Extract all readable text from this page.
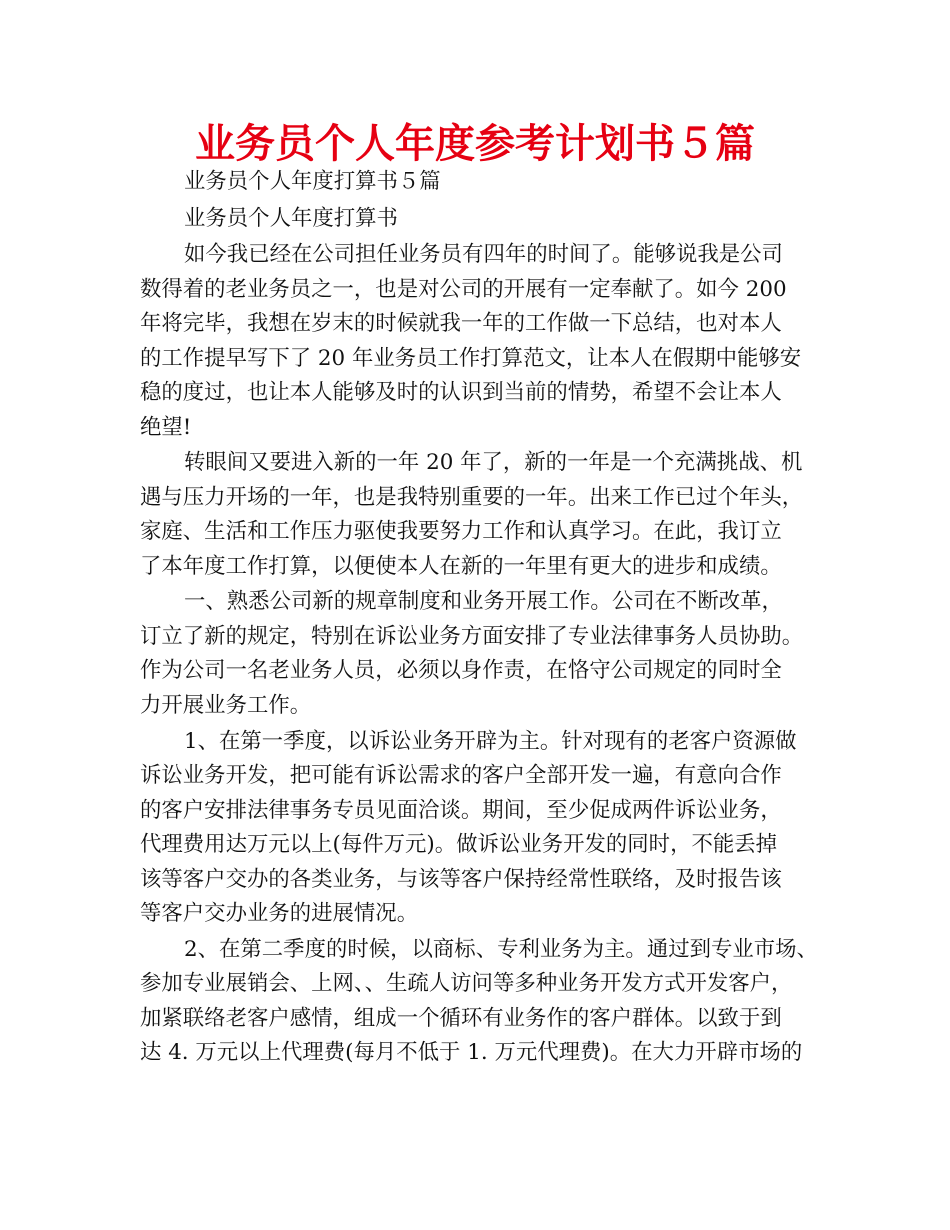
业务员个人年度参考计划书５篇
业务员个人年度打算书５篇
业务员个人年度打算书
如今我已经在公司担任业务员有四年的时间了。能够说我是公司
数得着的老业务员之一，也是对公司的开展有一定奉献了。如今 200
年将完毕，我想在岁末的时候就我一年的工作做一下总结，也对本人
的工作提早写下了 20 年业务员工作打算范文，让本人在假期中能够安
稳的度过，也让本人能够及时的认识到当前的情势，希望不会让本人
绝望!
转眼间又要进入新的一年 20 年了，新的一年是一个充满挑战、机
遇与压力开场的一年，也是我特别重要的一年。出来工作已过个年头，
家庭、生活和工作压力驱使我要努力工作和认真学习。在此，我订立
了本年度工作打算，以便使本人在新的一年里有更大的进步和成绩。
一、熟悉公司新的规章制度和业务开展工作。公司在不断改革，
订立了新的规定，特别在诉讼业务方面安排了专业法律事务人员协助。
作为公司一名老业务人员，必须以身作责，在恪守公司规定的同时全
力开展业务工作。
1、在第一季度，以诉讼业务开辟为主。针对现有的老客户资源做
诉讼业务开发，把可能有诉讼需求的客户全部开发一遍，有意向合作
的客户安排法律事务专员见面洽谈。期间，至少促成两件诉讼业务，
代理费用达万元以上(每件万元)。做诉讼业务开发的同时，不能丢掉
该等客户交办的各类业务，与该等客户保持经常性联络，及时报告该
等客户交办业务的进展情况。
2、在第二季度的时候，以商标、专利业务为主。通过到专业市场、
参加专业展销会、上网、、生疏人访问等多种业务开发方式开发客户，
加紧联络老客户感情，组成一个循环有业务作的客户群体。以致于到
达 4. 万元以上代理费(每月不低于 1. 万元代理费)。在大力开辟市场的
